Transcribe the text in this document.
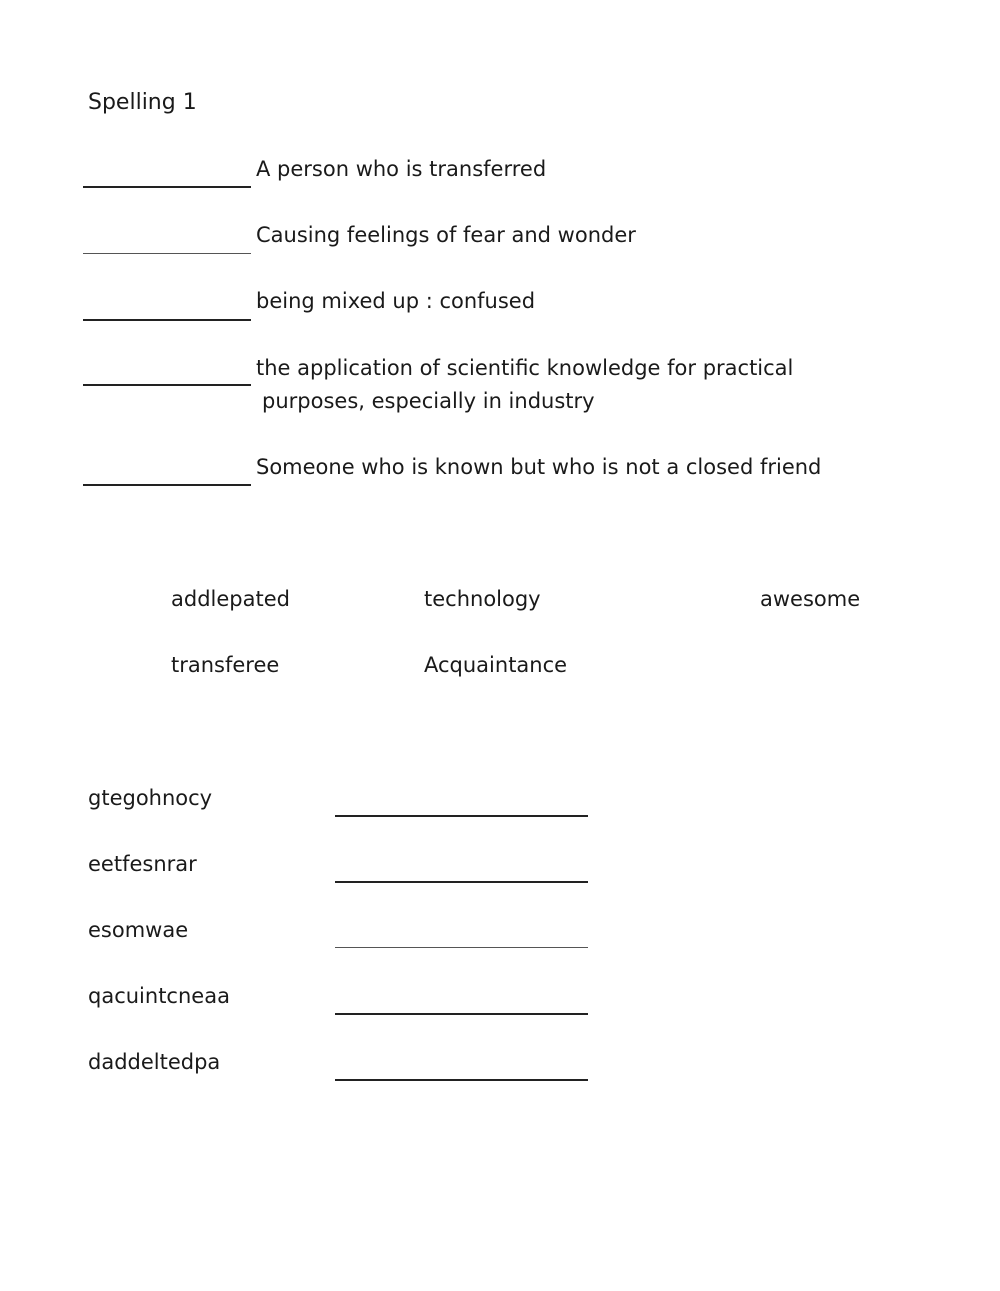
Spelling 1
A person who is transferred
Causing feelings of fear and wonder
being mixed up : confused
the application of scientific knowledge for practical
purposes, especially in industry
Someone who is known but who is not a closed friend
addlepated	technology	awesome
transferee	Acquaintance
gtegohnocy
eetfesnrar
esomwae
qacuintcneaa
daddeltedpa
